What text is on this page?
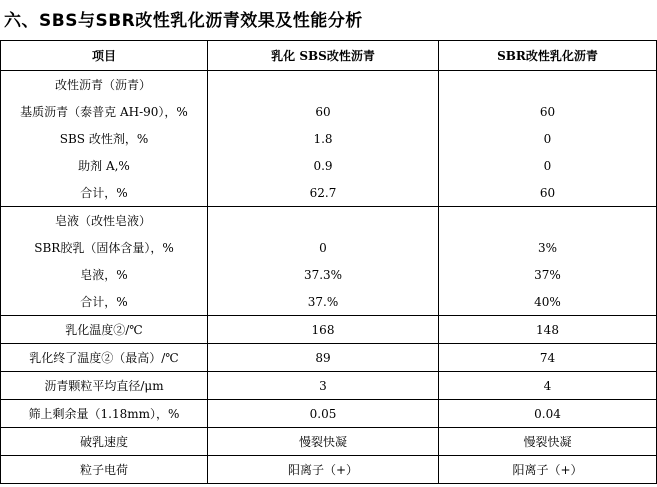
六、SBS与SBR改性乳化沥青效果及性能分析
项目	乳化 SBS改性沥青	SBR改性乳化沥青
改性沥青（沥青）		
基质沥青（泰普克 AH-90），%	60	60
SBS 改性剂，%	1.8	0
助剂 A,%	0.9	0
合计，%	62.7	60
皂液（改性皂液）		
SBR胶乳（固体含量），%	0	3%
皂液，%	37.3%	37%
合计，%	37.%	40%
乳化温度②/℃	168	148
乳化终了温度②（最高）/℃	89	74
沥青颗粒平均直径/μm	3	4
筛上剩余量（1.18mm），%	0.05	0.04
破乳速度	慢裂快凝	慢裂快凝
粒子电荷	阳离子（+）	阳离子（+）
